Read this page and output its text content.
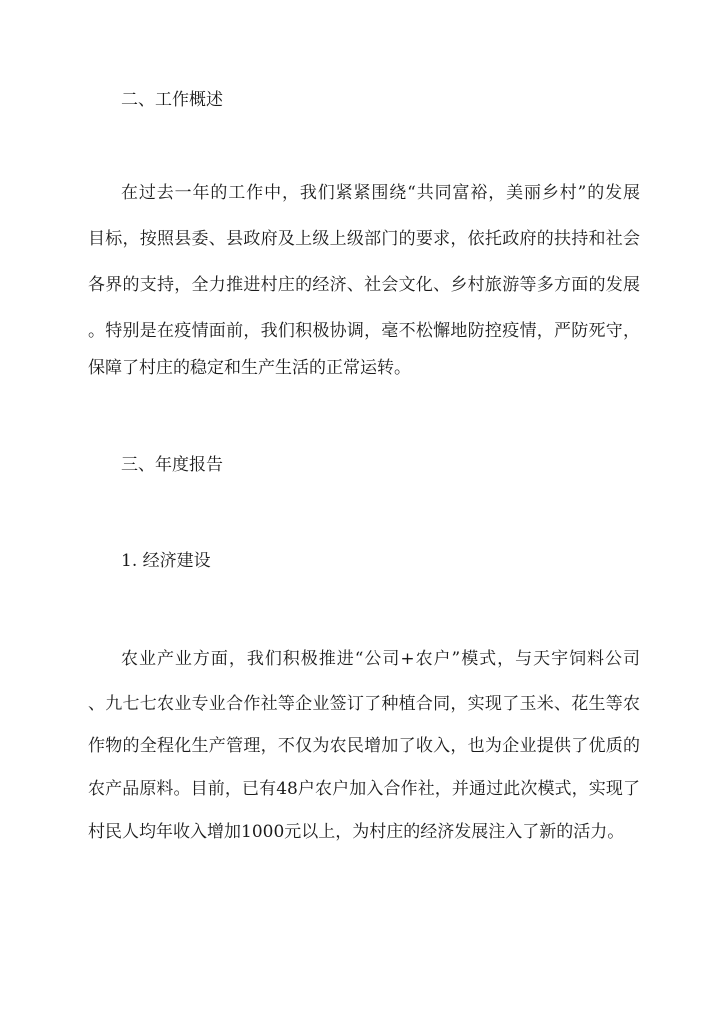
二、工作概述
在过去一年的工作中，我们紧紧围绕“共同富裕，美丽乡村”的发展
目标，按照县委、县政府及上级上级部门的要求，依托政府的扶持和社会
各界的支持，全力推进村庄的经济、社会文化、乡村旅游等多方面的发展
。特别是在疫情面前，我们积极协调，毫不松懈地防控疫情，严防死守，
保障了村庄的稳定和生产生活的正常运转。
三、年度报告
1. 经济建设
农业产业方面，我们积极推进“公司+农户”模式，与天宇饲料公司
、九七七农业专业合作社等企业签订了种植合同，实现了玉米、花生等农
作物的全程化生产管理，不仅为农民增加了收入，也为企业提供了优质的
农产品原料。目前，已有48户农户加入合作社，并通过此次模式，实现了
村民人均年收入增加1000元以上，为村庄的经济发展注入了新的活力。
